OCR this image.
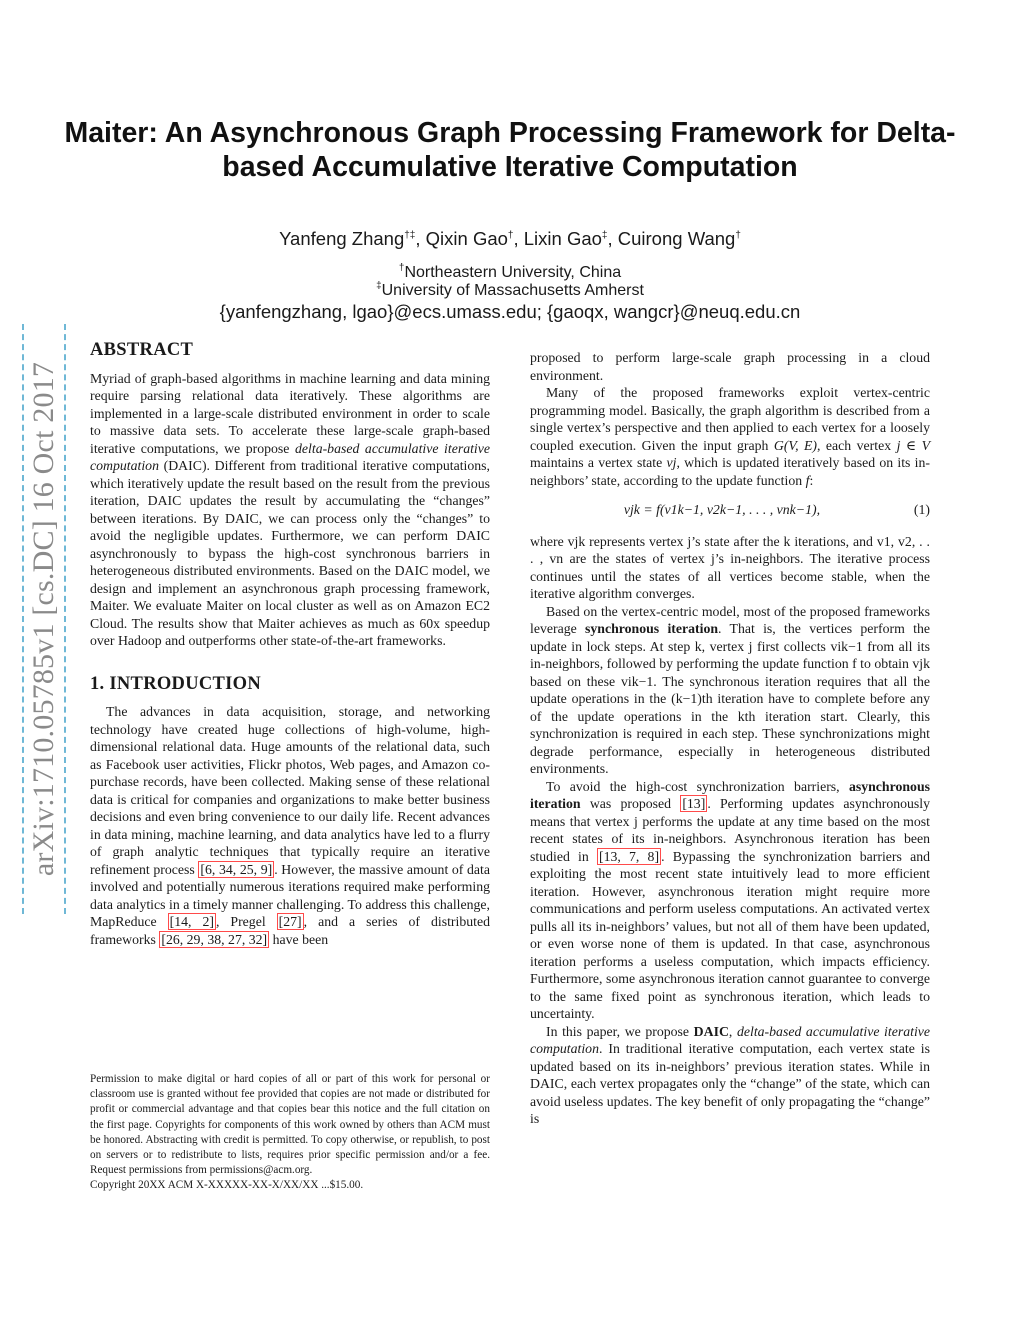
arXiv:1710.05785v1 [cs.DC] 16 Oct 2017
Maiter: An Asynchronous Graph Processing Framework for Delta-based Accumulative Iterative Computation
Yanfeng Zhang†‡, Qixin Gao†, Lixin Gao‡, Cuirong Wang†
†Northeastern University, China
‡University of Massachusetts Amherst
{yanfengzhang, lgao}@ecs.umass.edu; {gaoqx, wangcr}@neuq.edu.cn
ABSTRACT

Myriad of graph-based algorithms in machine learning and data mining require parsing relational data iteratively. These algorithms are implemented in a large-scale distributed environment in order to scale to massive data sets. To accelerate these large-scale graph-based iterative computations, we propose delta-based accumulative iterative computation (DAIC). Different from traditional iterative computations, which iteratively update the result based on the result from the previous iteration, DAIC updates the result by accumulating the “changes” between iterations. By DAIC, we can process only the “changes” to avoid the negligible updates. Furthermore, we can perform DAIC asynchronously to bypass the high-cost synchronous barriers in heterogeneous distributed environments. Based on the DAIC model, we design and implement an asynchronous graph processing framework, Maiter. We evaluate Maiter on local cluster as well as on Amazon EC2 Cloud. The results show that Maiter achieves as much as 60x speedup over Hadoop and outperforms other state-of-the-art frameworks.

1. INTRODUCTION

The advances in data acquisition, storage, and networking technology have created huge collections of high-volume, high-dimensional relational data. Huge amounts of the relational data, such as Facebook user activities, Flickr photos, Web pages, and Amazon co-purchase records, have been collected. Making sense of these relational data is critical for companies and organizations to make better business decisions and even bring convenience to our daily life. Recent advances in data mining, machine learning, and data analytics have led to a flurry of graph analytic techniques that typically require an iterative refinement process [6, 34, 25, 9] . However, the massive amount of data involved and potentially numerous iterations required make performing data analytics in a timely manner challenging. To address this challenge, MapReduce [14, 2] , Pregel [27] , and a series of distributed frameworks [26, 29, 38, 27, 32] have been

Permission to make digital or hard copies of all or part of this work for personal or classroom use is granted without fee provided that copies are not made or distributed for profit or commercial advantage and that copies bear this notice and the full citation on the first page. Copyrights for components of this work owned by others than ACM must be honored. Abstracting with credit is permitted. To copy otherwise, or republish, to post on servers or to redistribute to lists, requires prior specific permission and/or a fee. Request permissions from permissions@acm.org.

Copyright 20XX ACM X-XXXXX-XX-X/XX/XX ...$15.00.

proposed to perform large-scale graph processing in a cloud environment.

Many of the proposed frameworks exploit vertex-centric programming model. Basically, the graph algorithm is described from a single vertex’s perspective and then applied to each vertex for a loosely coupled execution. Given the input graph G(V, E), each vertex j ∈ V maintains a vertex state vj, which is updated iteratively based on its in-neighbors’ state, according to the update function f:

vjk = f(v1k−1, v2k−1, . . . , vnk−1),	(1)

where vjk represents vertex j’s state after the k iterations, and v1, v2, . . . , vn are the states of vertex j’s in-neighbors. The iterative process continues until the states of all vertices become stable, when the iterative algorithm converges.

Based on the vertex-centric model, most of the proposed frameworks leverage synchronous iteration. That is, the vertices perform the update in lock steps. At step k, vertex j first collects vik−1 from all its in-neighbors, followed by performing the update function f to obtain vjk based on these vik−1. The synchronous iteration requires that all the update operations in the (k−1)th iteration have to complete before any of the update operations in the kth iteration start. Clearly, this synchronization is required in each step. These synchronizations might degrade performance, especially in heterogeneous distributed environments.

To avoid the high-cost synchronization barriers, asynchronous iteration was proposed [13] . Performing updates asynchronously means that vertex j performs the update at any time based on the most recent states of its in-neighbors. Asynchronous iteration has been studied in [13, 7, 8] . Bypassing the synchronization barriers and exploiting the most recent state intuitively lead to more efficient iteration. However, asynchronous iteration might require more communications and perform useless computations. An activated vertex pulls all its in-neighbors’ values, but not all of them have been updated, or even worse none of them is updated. In that case, asynchronous iteration performs a useless computation, which impacts efficiency. Furthermore, some asynchronous iteration cannot guarantee to converge to the same fixed point as synchronous iteration, which leads to uncertainty.

In this paper, we propose DAIC, delta-based accumulative iterative computation. In traditional iterative computation, each vertex state is updated based on its in-neighbors’ previous iteration states. While in DAIC, each vertex propagates only the “change” of the state, which can avoid useless updates. The key benefit of only propagating the “change” is
